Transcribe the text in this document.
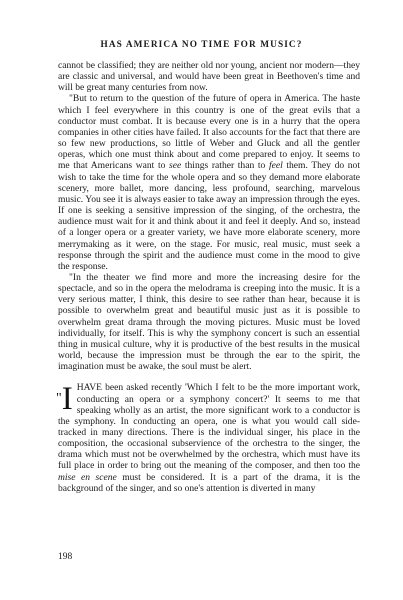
HAS AMERICA NO TIME FOR MUSIC?

cannot be classified; they are neither old nor young, ancient nor modern—they are classic and universal, and would have been great in Beethoven's time and will be great many centuries from now.

"But to return to the question of the future of opera in America. The haste which I feel everywhere in this country is one of the great evils that a conductor must combat. It is because every one is in a hurry that the opera companies in other cities have failed. It also accounts for the fact that there are so few new productions, so little of Weber and Gluck and all the gentler operas, which one must think about and come prepared to enjoy. It seems to me that Americans want to see things rather than to feel them. They do not wish to take the time for the whole opera and so they demand more elaborate scenery, more ballet, more dancing, less profound, searching, marvelous music. You see it is always easier to take away an impression through the eyes. If one is seeking a sensitive impression of the singing, of the orchestra, the audience must wait for it and think about it and feel it deeply. And so, instead of a longer opera or a greater variety, we have more elaborate scenery, more merrymaking as it were, on the stage. For music, real music, must seek a response through the spirit and the audience must come in the mood to give the response.

"In the theater we find more and more the increasing desire for the spectacle, and so in the opera the melodrama is creeping into the music. It is a very serious matter, I think, this desire to see rather than hear, because it is possible to overwhelm great and beautiful music just as it is possible to overwhelm great drama through the moving pictures. Music must be loved individually, for itself. This is why the symphony concert is such an essential thing in musical culture, why it is productive of the best results in the musical world, because the impression must be through the ear to the spirit, the imagination must be awake, the soul must be alert.

"I HAVE been asked recently 'Which I felt to be the more important work, conducting an opera or a symphony concert?' It seems to me that speaking wholly as an artist, the more significant work to a conductor is the symphony. In conducting an opera, one is what you would call side-tracked in many directions. There is the individual singer, his place in the composition, the occasional subservience of the orchestra to the singer, the drama which must not be overwhelmed by the orchestra, which must have its full place in order to bring out the meaning of the composer, and then too the mise en scene must be considered. It is a part of the drama, it is the background of the singer, and so one's attention is diverted in many

198
